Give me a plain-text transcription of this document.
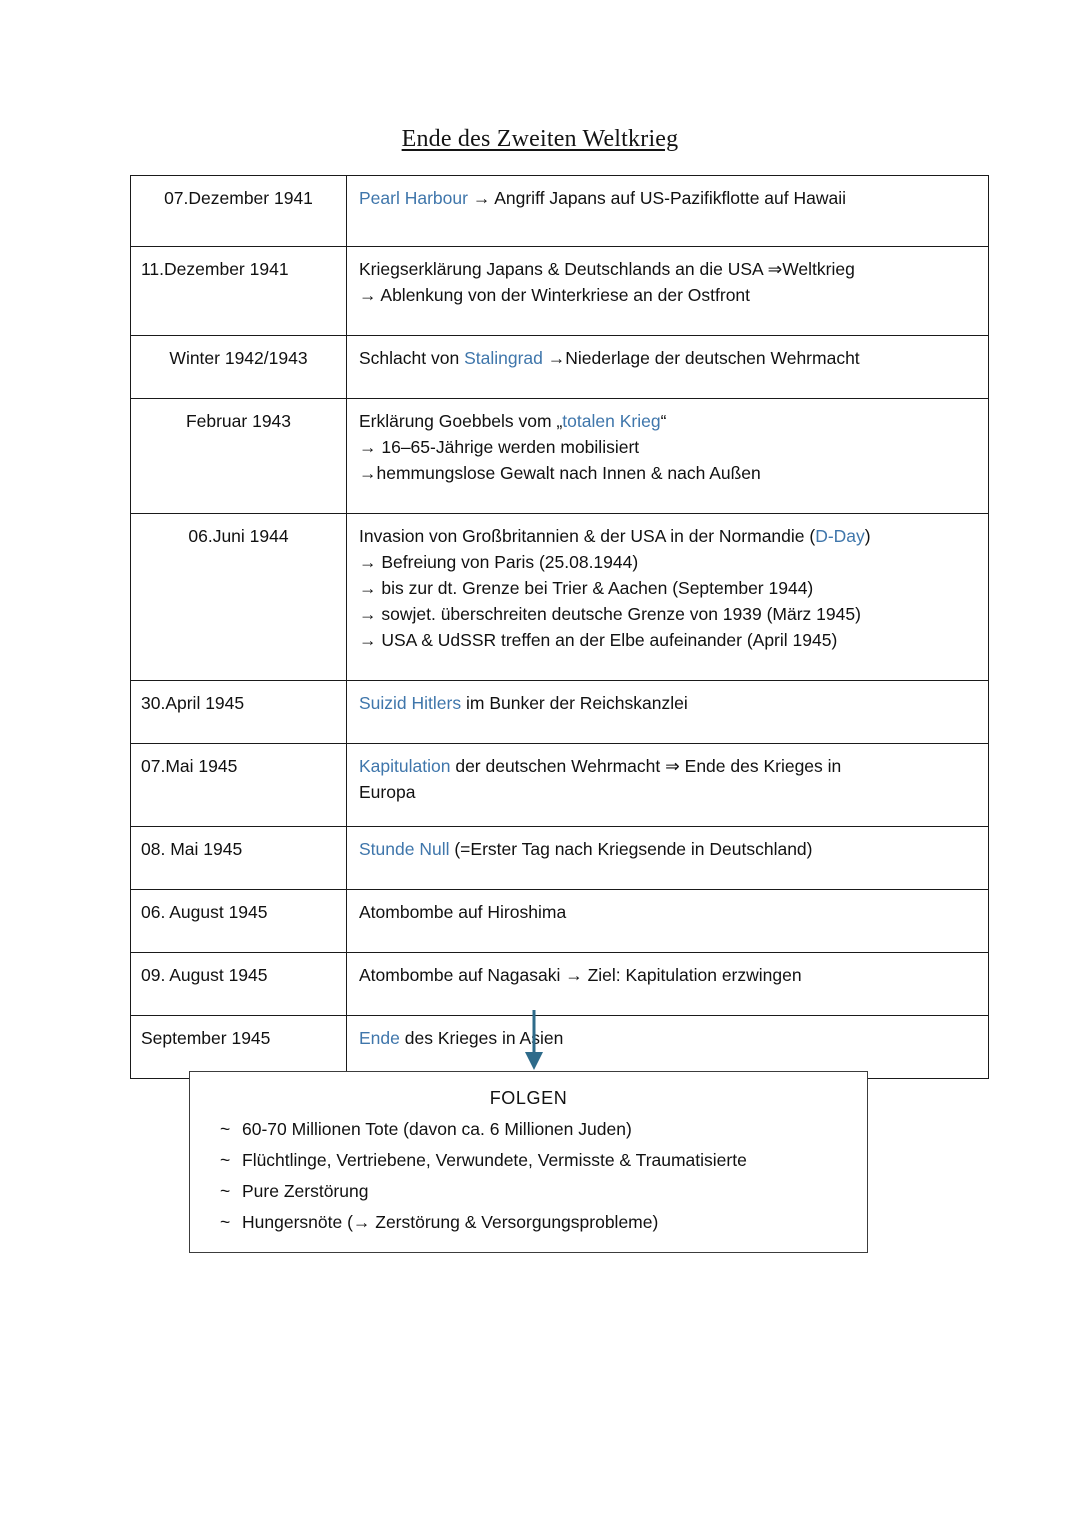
Ende des Zweiten Weltkrieg
07.Dezember 1941	Pearl Harbour → Angriff Japans auf US-Pazifikflotte auf Hawaii

11.Dezember 1941	Kriegserklärung Japans & Deutschlands an die USA ⇒Weltkrieg
→ Ablenkung von der Winterkriese an der Ostfront

Winter 1942/1943	Schlacht von Stalingrad →Niederlage der deutschen Wehrmacht

Februar 1943	Erklärung Goebbels vom „totalen Krieg“
→ 16–65-Jährige werden mobilisiert
→hemmungslose Gewalt nach Innen & nach Außen

06.Juni 1944	Invasion von Großbritannien & der USA in der Normandie (D-Day)
→ Befreiung von Paris (25.08.1944)
→ bis zur dt. Grenze bei Trier & Aachen (September 1944)
→ sowjet. überschreiten deutsche Grenze von 1939 (März 1945)
→ USA & UdSSR treffen an der Elbe aufeinander (April 1945)

30.April 1945	Suizid Hitlers im Bunker der Reichskanzlei

07.Mai 1945	Kapitulation der deutschen Wehrmacht ⇒ Ende des Krieges in
Europa

08. Mai 1945	Stunde Null (=Erster Tag nach Kriegsende in Deutschland)

06. August 1945	Atombombe auf Hiroshima

09. August 1945	Atombombe auf Nagasaki → Ziel: Kapitulation erzwingen

September 1945	Ende des Krieges in Asien
FOLGEN
~ 60-70 Millionen Tote (davon ca. 6 Millionen Juden)
~ Flüchtlinge, Vertriebene, Verwundete, Vermisste & Traumatisierte
~ Pure Zerstörung
~ Hungersnöte (→ Zerstörung & Versorgungsprobleme)
